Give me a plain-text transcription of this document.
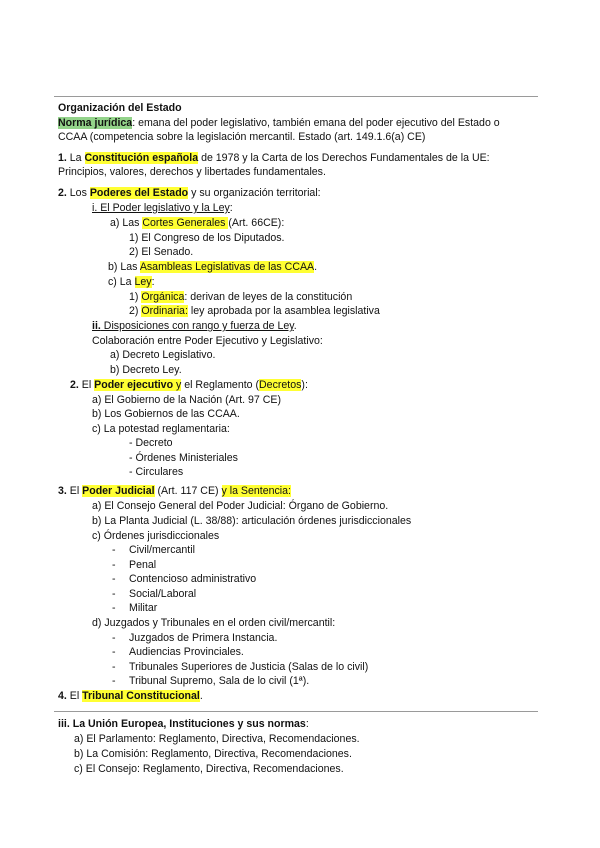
Organización del Estado
Norma jurídica: emana del poder legislativo, también emana del poder ejecutivo del Estado o
CCAA (competencia sobre la legislación mercantil. Estado (art. 149.1.6(a) CE)
1. La Constitución española de 1978 y la Carta de los Derechos Fundamentales de la UE:
Principios, valores, derechos y libertades fundamentales.
2. Los Poderes del Estado y su organización territorial:
i. El Poder legislativo y la Ley:
a) Las Cortes Generales (Art. 66CE):
1) El Congreso de los Diputados.
2) El Senado.
b) Las Asambleas Legislativas de las CCAA.
c) La Ley:
1) Orgánica: derivan de leyes de la constitución
2) Ordinaria: ley aprobada por la asamblea legislativa
ii. Disposiciones con rango y fuerza de Ley.
Colaboración entre Poder Ejecutivo y Legislativo:
a) Decreto Legislativo.
b) Decreto Ley.
2. El Poder ejecutivo y el Reglamento (Decretos):
a) El Gobierno de la Nación (Art. 97 CE)
b) Los Gobiernos de las CCAA.
c) La potestad reglamentaria:
- Decreto
- Órdenes Ministeriales
- Circulares
3. El Poder Judicial (Art. 117 CE) y la Sentencia:
a) El Consejo General del Poder Judicial: Órgano de Gobierno.
b) La Planta Judicial (L. 38/88): articulación órdenes jurisdiccionales
c) Órdenes jurisdiccionales
- Civil/mercantil
- Penal
- Contencioso administrativo
- Social/Laboral
- Militar
d) Juzgados y Tribunales en el orden civil/mercantil:
- Juzgados de Primera Instancia.
- Audiencias Provinciales.
- Tribunales Superiores de Justicia (Salas de lo civil)
- Tribunal Supremo, Sala de lo civil (1ª).
4. El Tribunal Constitucional.
iii. La Unión Europea, Instituciones y sus normas:
a) El Parlamento: Reglamento, Directiva, Recomendaciones.
b) La Comisión: Reglamento, Directiva, Recomendaciones.
c) El Consejo: Reglamento, Directiva, Recomendaciones.
